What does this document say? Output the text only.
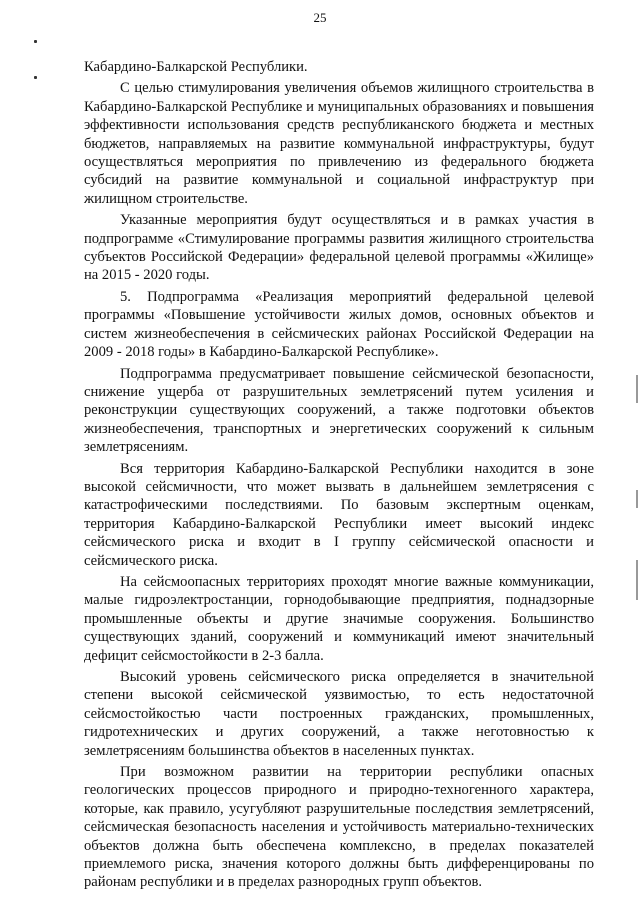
25

Кабардино-Балкарской Республики.

С целью стимулирования увеличения объемов жилищного строительства в Кабардино-Балкарской Республике и муниципальных образованиях и повышения эффективности использования средств республиканского бюджета и местных бюджетов, направляемых на развитие коммунальной инфраструктуры, будут осуществляться мероприятия по привлечению из федерального бюджета субсидий на развитие коммунальной и социальной инфраструктур при жилищном строительстве.

Указанные мероприятия будут осуществляться и в рамках участия в подпрограмме «Стимулирование программы развития жилищного строительства субъектов Российской Федерации» федеральной целевой программы «Жилище» на 2015 - 2020 годы.

5. Подпрограмма «Реализация мероприятий федеральной целевой программы «Повышение устойчивости жилых домов, основных объектов и систем жизнеобеспечения в сейсмических районах Российской Федерации на 2009 - 2018 годы» в Кабардино-Балкарской Республике».

Подпрограмма предусматривает повышение сейсмической безопасности, снижение ущерба от разрушительных землетрясений путем усиления и реконструкции существующих сооружений, а также подготовки объектов жизнеобеспечения, транспортных и энергетических сооружений к сильным землетрясениям.

Вся территория Кабардино-Балкарской Республики находится в зоне высокой сейсмичности, что может вызвать в дальнейшем землетрясения с катастрофическими последствиями. По базовым экспертным оценкам, территория Кабардино-Балкарской Республики имеет высокий индекс сейсмического риска и входит в I группу сейсмической опасности и сейсмического риска.

На сейсмоопасных территориях проходят многие важные коммуникации, малые гидроэлектростанции, горнодобывающие предприятия, поднадзорные промышленные объекты и другие значимые сооружения. Большинство существующих зданий, сооружений и коммуникаций имеют значительный дефицит сейсмостойкости в 2-3 балла.

Высокий уровень сейсмического риска определяется в значительной степени высокой сейсмической уязвимостью, то есть недостаточной сейсмостойкостью части построенных гражданских, промышленных, гидротехнических и других сооружений, а также неготовностью к землетрясениям большинства объектов в населенных пунктах.

При возможном развитии на территории республики опасных геологических процессов природного и природно-техногенного характера, которые, как правило, усугубляют разрушительные последствия землетрясений, сейсмическая безопасность населения и устойчивость материально-технических объектов должна быть обеспечена комплексно, в пределах показателей приемлемого риска, значения которого должны быть дифференцированы по районам республики и в пределах разнородных групп объектов.
